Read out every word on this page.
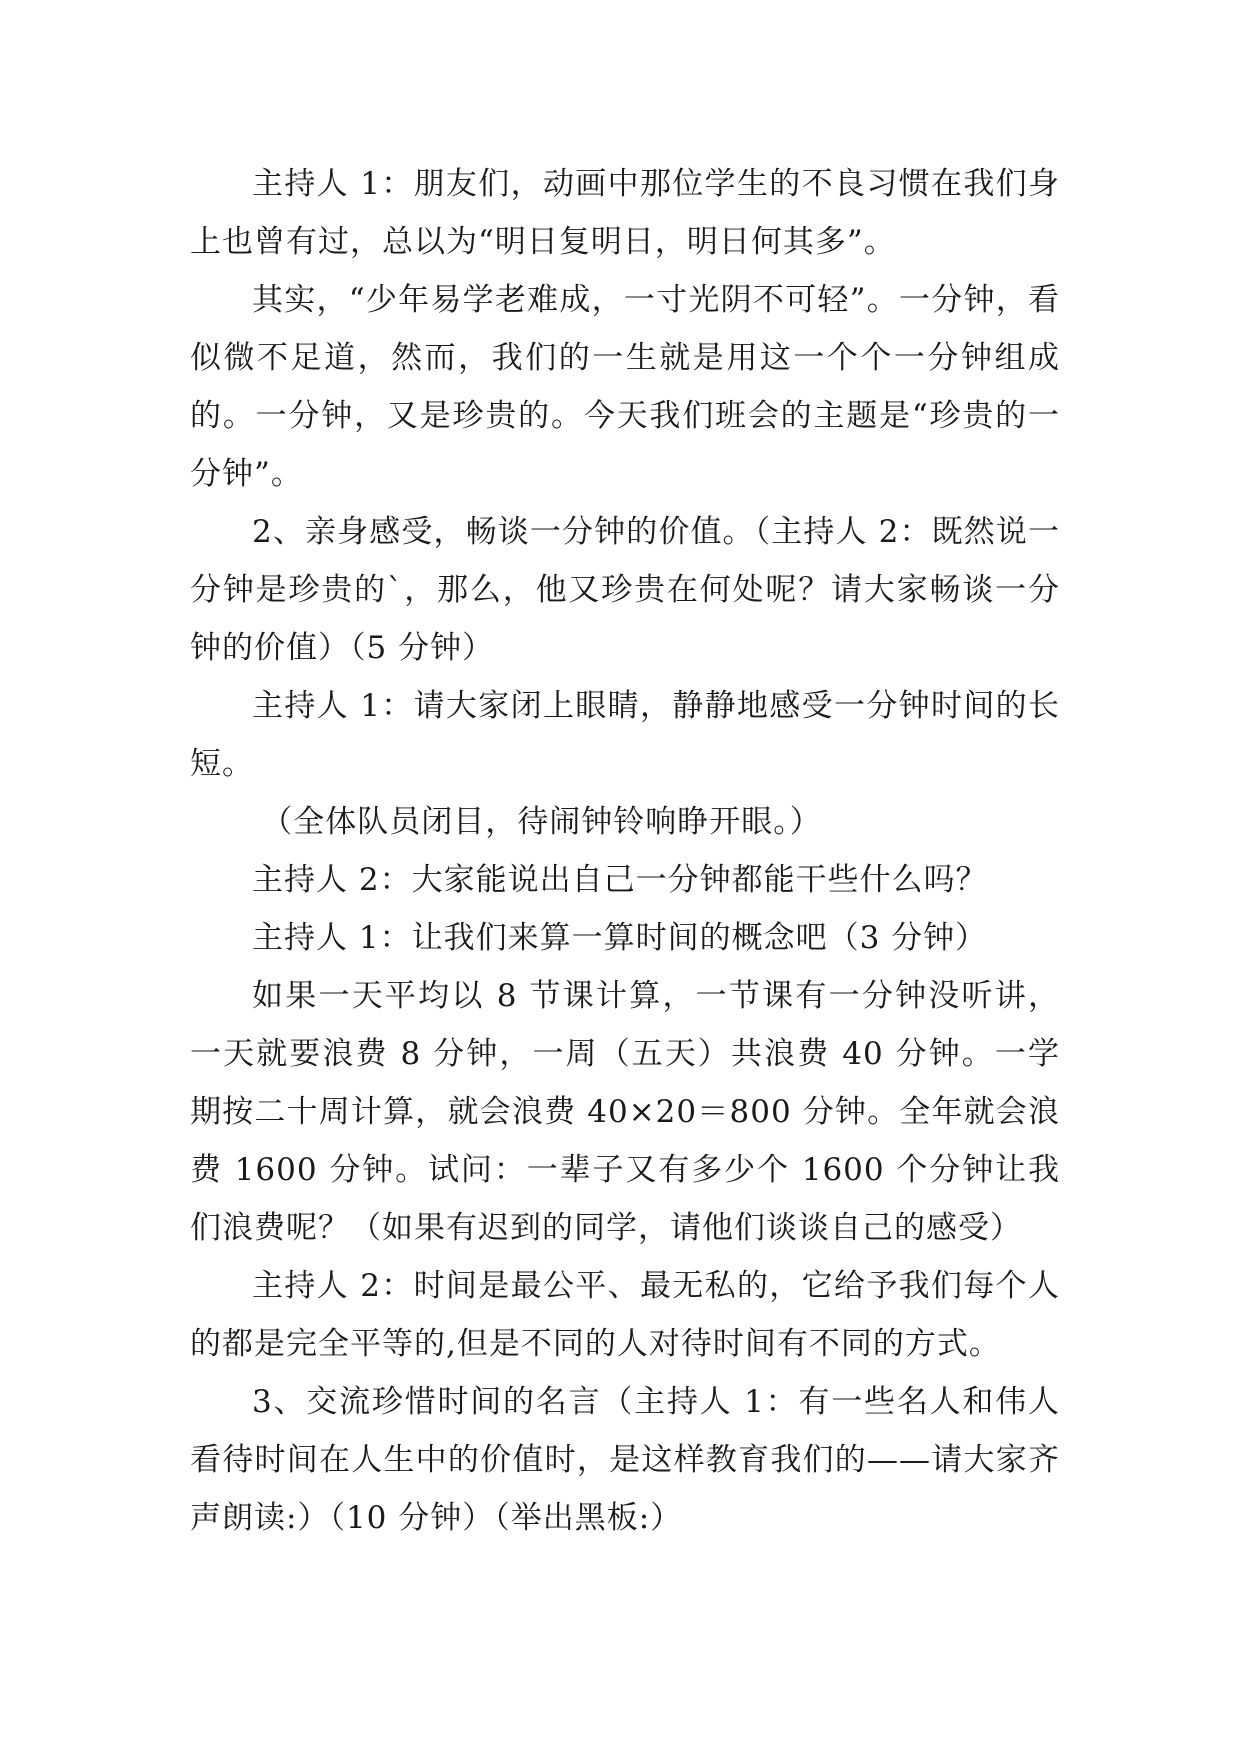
主持人 1：朋友们，动画中那位学生的不良习惯在我们身上也曾有过，总以为“明日复明日，明日何其多”。

其实，“少年易学老难成，一寸光阴不可轻”。一分钟，看似微不足道，然而，我们的一生就是用这一个个一分钟组成的。一分钟，又是珍贵的。今天我们班会的主题是“珍贵的一分钟”。

2、亲身感受，畅谈一分钟的价值。（主持人 2：既然说一分钟是珍贵的`，那么，他又珍贵在何处呢？请大家畅谈一分钟的价值）（5 分钟）

主持人 1：请大家闭上眼睛，静静地感受一分钟时间的长短。

（全体队员闭目，待闹钟铃响睁开眼。）

主持人 2：大家能说出自己一分钟都能干些什么吗？

主持人 1：让我们来算一算时间的概念吧（3 分钟）

如果一天平均以 8 节课计算，一节课有一分钟没听讲，一天就要浪费 8 分钟，一周（五天）共浪费 40 分钟。一学期按二十周计算，就会浪费 40×20＝800 分钟。全年就会浪费 1600 分钟。试问：一辈子又有多少个 1600 个分钟让我们浪费呢？（如果有迟到的同学，请他们谈谈自己的感受）

主持人 2：时间是最公平、最无私的，它给予我们每个人的都是完全平等的,但是不同的人对待时间有不同的方式。

3、交流珍惜时间的名言（主持人 1：有一些名人和伟人看待时间在人生中的价值时，是这样教育我们的——请大家齐声朗读:）（10 分钟）（举出黑板:）
